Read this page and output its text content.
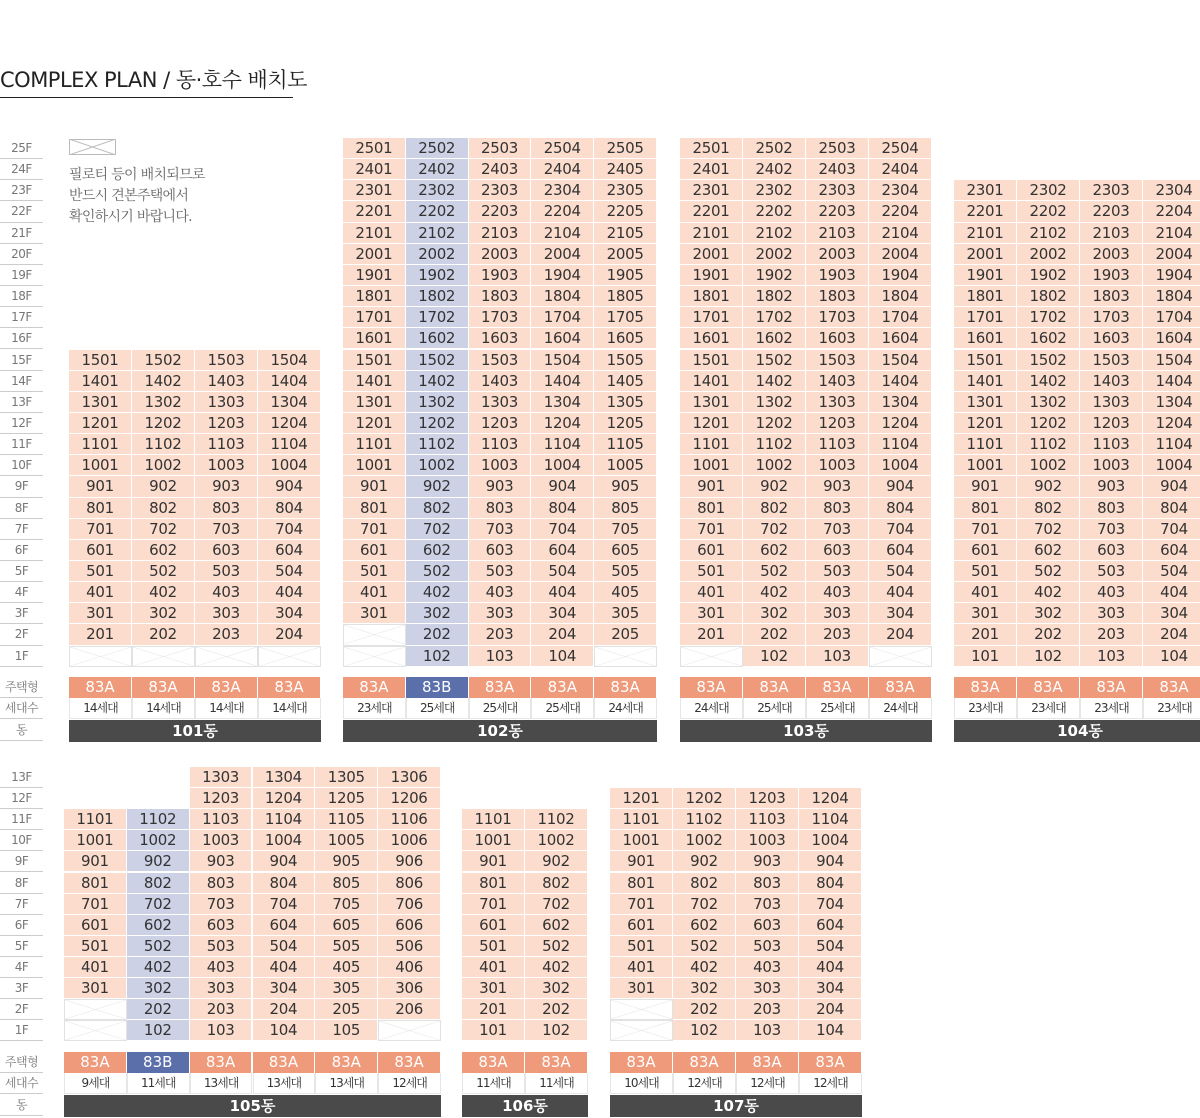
COMPLEX PLAN / 동·호수 배치도
필로티 등이 배치되므로
반드시 견본주택에서
확인하시기 바랍니다.
25F
24F
23F
22F
21F
20F
19F
18F
17F
16F
15F
14F
13F
12F
11F
10F
9F
8F
7F
6F
5F
4F
3F
2F
1F
주택형
세대수
동
13F
12F
11F
10F
9F
8F
7F
6F
5F
4F
3F
2F
1F
주택형
세대수
동
1501
1401
1301
1201
1101
1001
901
801
701
601
501
401
301
201
83A
14세대
1502
1402
1302
1202
1102
1002
902
802
702
602
502
402
302
202
83A
14세대
1503
1403
1303
1203
1103
1003
903
803
703
603
503
403
303
203
83A
14세대
1504
1404
1304
1204
1104
1004
904
804
704
604
504
404
304
204
83A
14세대
101동
2501
2401
2301
2201
2101
2001
1901
1801
1701
1601
1501
1401
1301
1201
1101
1001
901
801
701
601
501
401
301
83A
23세대
2502
2402
2302
2202
2102
2002
1902
1802
1702
1602
1502
1402
1302
1202
1102
1002
902
802
702
602
502
402
302
202
102
83B
25세대
2503
2403
2303
2203
2103
2003
1903
1803
1703
1603
1503
1403
1303
1203
1103
1003
903
803
703
603
503
403
303
203
103
83A
25세대
2504
2404
2304
2204
2104
2004
1904
1804
1704
1604
1504
1404
1304
1204
1104
1004
904
804
704
604
504
404
304
204
104
83A
25세대
2505
2405
2305
2205
2105
2005
1905
1805
1705
1605
1505
1405
1305
1205
1105
1005
905
805
705
605
505
405
305
205
83A
24세대
102동
2501
2401
2301
2201
2101
2001
1901
1801
1701
1601
1501
1401
1301
1201
1101
1001
901
801
701
601
501
401
301
201
83A
24세대
2502
2402
2302
2202
2102
2002
1902
1802
1702
1602
1502
1402
1302
1202
1102
1002
902
802
702
602
502
402
302
202
102
83A
25세대
2503
2403
2303
2203
2103
2003
1903
1803
1703
1603
1503
1403
1303
1203
1103
1003
903
803
703
603
503
403
303
203
103
83A
25세대
2504
2404
2304
2204
2104
2004
1904
1804
1704
1604
1504
1404
1304
1204
1104
1004
904
804
704
604
504
404
304
204
83A
24세대
103동
2301
2201
2101
2001
1901
1801
1701
1601
1501
1401
1301
1201
1101
1001
901
801
701
601
501
401
301
201
101
83A
23세대
2302
2202
2102
2002
1902
1802
1702
1602
1502
1402
1302
1202
1102
1002
902
802
702
602
502
402
302
202
102
83A
23세대
2303
2203
2103
2003
1903
1803
1703
1603
1503
1403
1303
1203
1103
1003
903
803
703
603
503
403
303
203
103
83A
23세대
2304
2204
2104
2004
1904
1804
1704
1604
1504
1404
1304
1204
1104
1004
904
804
704
604
504
404
304
204
104
83A
23세대
104동
1101
1001
901
801
701
601
501
401
301
83A
9세대
1102
1002
902
802
702
602
502
402
302
202
102
83B
11세대
1303
1203
1103
1003
903
803
703
603
503
403
303
203
103
83A
13세대
1304
1204
1104
1004
904
804
704
604
504
404
304
204
104
83A
13세대
1305
1205
1105
1005
905
805
705
605
505
405
305
205
105
83A
13세대
1306
1206
1106
1006
906
806
706
606
506
406
306
206
83A
12세대
105동
1101
1001
901
801
701
601
501
401
301
201
101
83A
11세대
1102
1002
902
802
702
602
502
402
302
202
102
83A
11세대
106동
1201
1101
1001
901
801
701
601
501
401
301
83A
10세대
1202
1102
1002
902
802
702
602
502
402
302
202
102
83A
12세대
1203
1103
1003
903
803
703
603
503
403
303
203
103
83A
12세대
1204
1104
1004
904
804
704
604
504
404
304
204
104
83A
12세대
107동
